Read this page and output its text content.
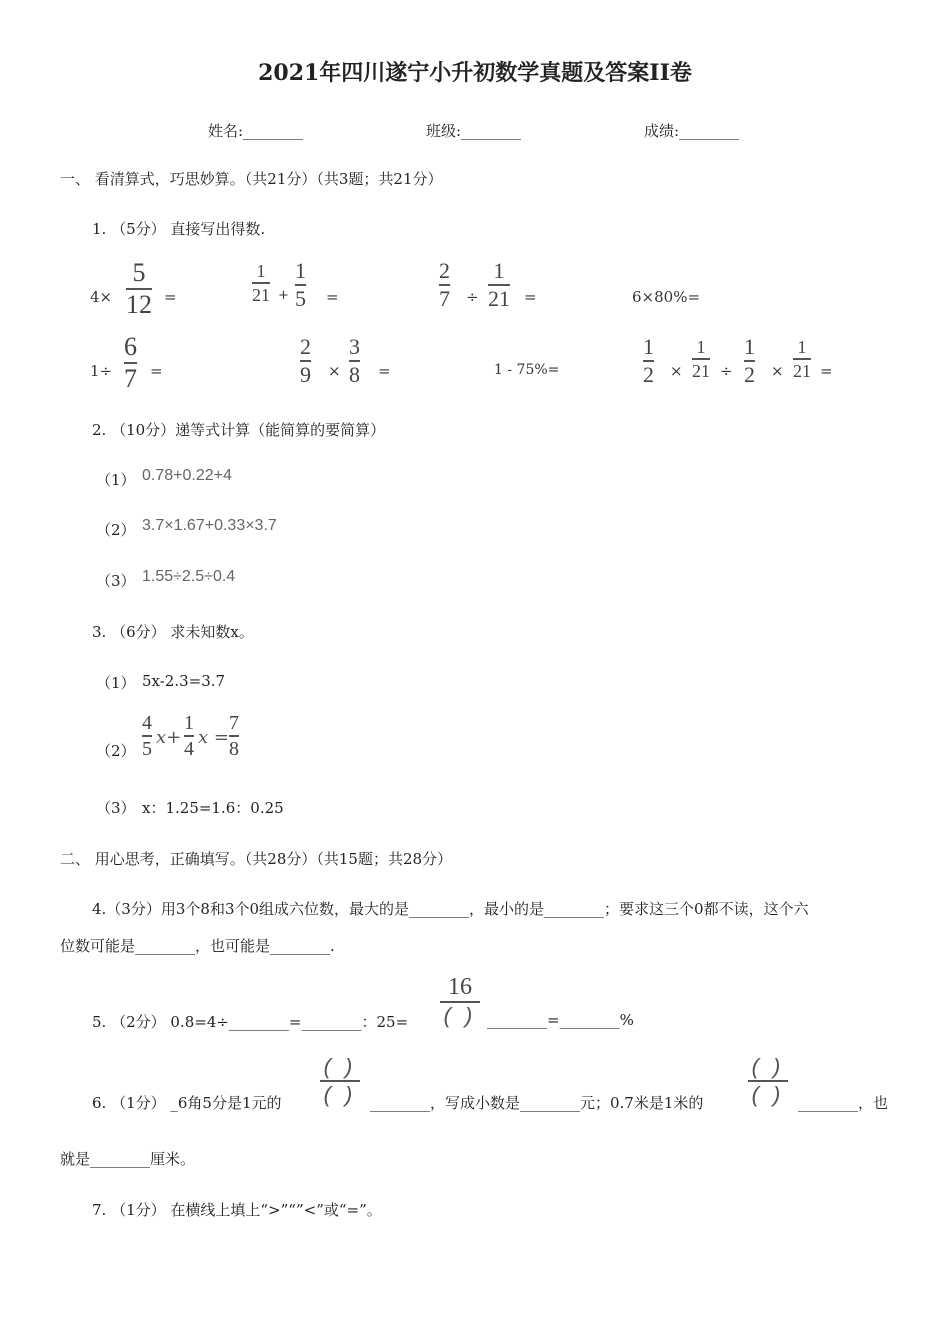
2021年四川遂宁小升初数学真题及答案II卷
姓名:________	班级:________	成绩:________
一、 看清算式，巧思妙算。（共21分）（共3题；共21分）
1. （5分） 直接写出得数.
4×
5
12 =
1
21 +
1
5 =
2
7 ÷
1
21 =	6×80%=
1÷
6
7 =
2
9 ×
3
8 =	1 - 75%=
1
2 ×
1
21 ÷
1
2 ×
1
21 =
2. （10分）递等式计算（能简算的要简算）
（1） 0.78+0.22+4
（2） 3.7×1.67+0.33×3.7
（3） 1.55÷2.5÷0.4
3. （6分） 求未知数x。
（1） 5x-2.3=3.7
（2）
4
5
x+
1
4
x =
7
8
（3） x：1.25=1.6：0.25
二、 用心思考，正确填写。（共28分）（共15题；共28分）
4.（3分）用3个8和3个0组成六位数，最大的是________，最小的是________；要求这三个0都不读，这个六
位数可能是________，也可能是________.
5. （2分） 0.8=4÷________=________：25=
16
( ) ________=________%
6. （1分） _6角5分是1元的
( )
( ) ________，写成小数是________元；0.7米是1米的
( )
( ) ________，也
就是________厘米。
7. （1分） 在横线上填上“>”“”<”或“=”。
